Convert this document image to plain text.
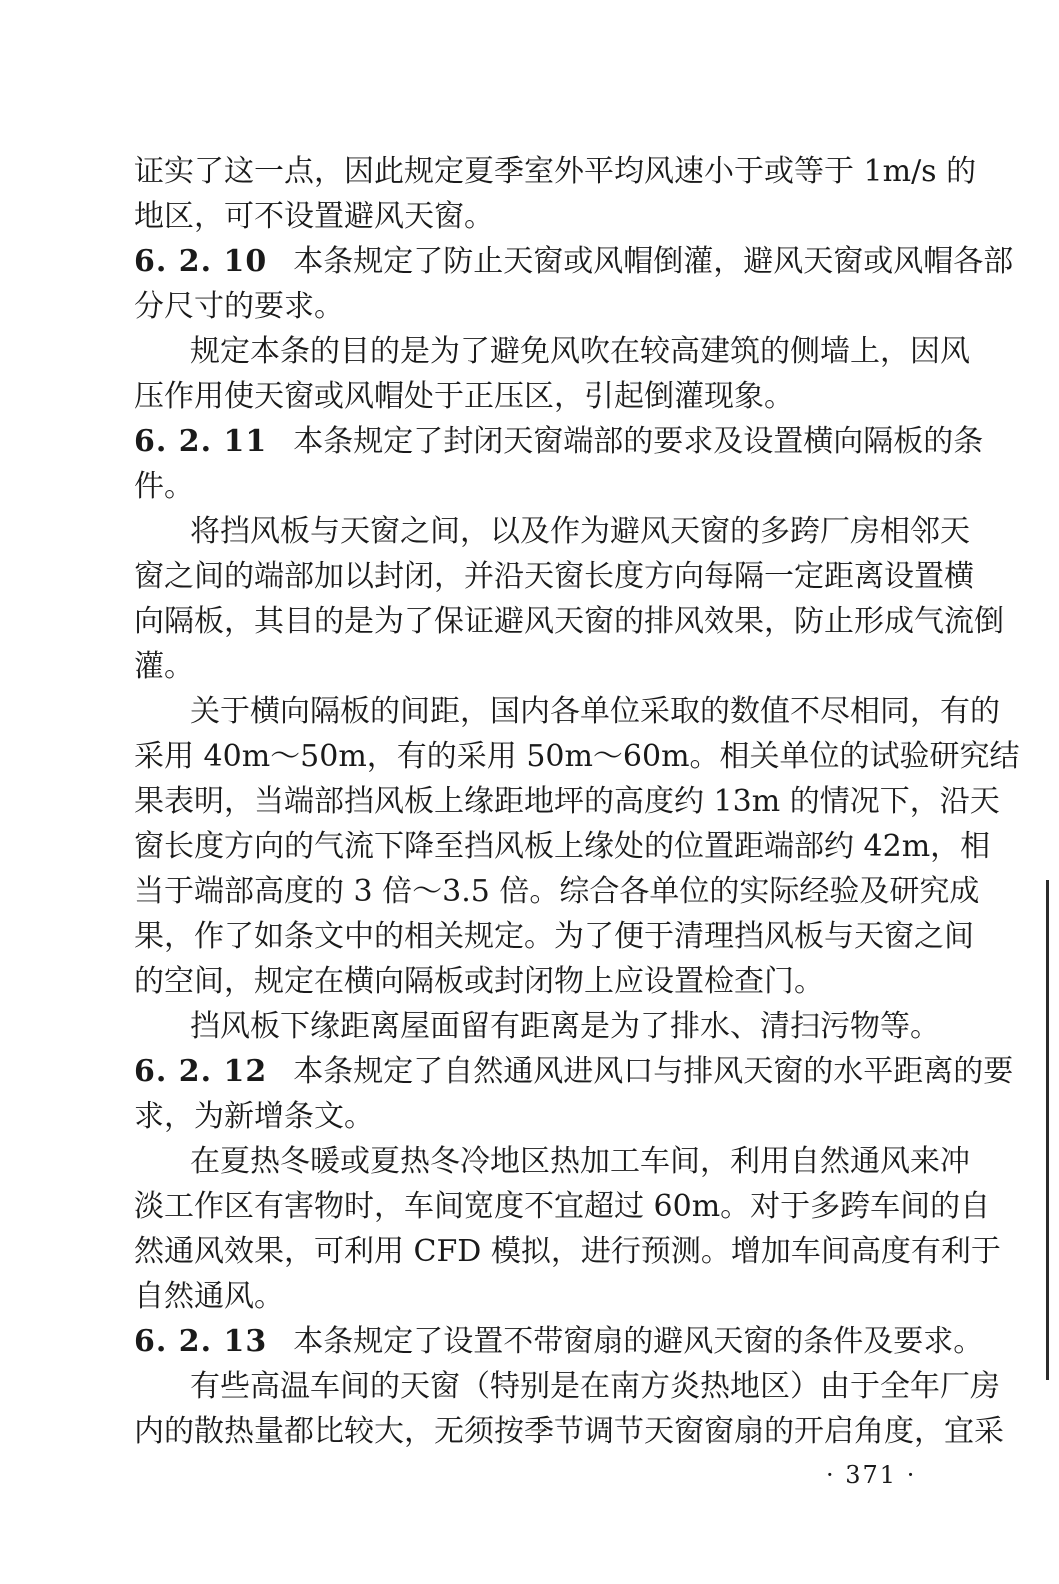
证实了这一点，因此规定夏季室外平均风速小于或等于 1m/s 的
地区，可不设置避风天窗。
6. 2. 10 本条规定了防止天窗或风帽倒灌，避风天窗或风帽各部
分尺寸的要求。
规定本条的目的是为了避免风吹在较高建筑的侧墙上，因风
压作用使天窗或风帽处于正压区，引起倒灌现象。
6. 2. 11 本条规定了封闭天窗端部的要求及设置横向隔板的条
件。
将挡风板与天窗之间，以及作为避风天窗的多跨厂房相邻天
窗之间的端部加以封闭，并沿天窗长度方向每隔一定距离设置横
向隔板，其目的是为了保证避风天窗的排风效果，防止形成气流倒
灌。
关于横向隔板的间距，国内各单位采取的数值不尽相同，有的
采用 40m～50m，有的采用 50m～60m。相关单位的试验研究结
果表明，当端部挡风板上缘距地坪的高度约 13m 的情况下，沿天
窗长度方向的气流下降至挡风板上缘处的位置距端部约 42m，相
当于端部高度的 3 倍～3.5 倍。综合各单位的实际经验及研究成
果，作了如条文中的相关规定。为了便于清理挡风板与天窗之间
的空间，规定在横向隔板或封闭物上应设置检查门。
挡风板下缘距离屋面留有距离是为了排水、清扫污物等。
6. 2. 12 本条规定了自然通风进风口与排风天窗的水平距离的要
求，为新增条文。
在夏热冬暖或夏热冬冷地区热加工车间，利用自然通风来冲
淡工作区有害物时，车间宽度不宜超过 60m。对于多跨车间的自
然通风效果，可利用 CFD 模拟，进行预测。增加车间高度有利于
自然通风。
6. 2. 13 本条规定了设置不带窗扇的避风天窗的条件及要求。
有些高温车间的天窗（特别是在南方炎热地区）由于全年厂房
内的散热量都比较大，无须按季节调节天窗窗扇的开启角度，宜采
· 371 ·
